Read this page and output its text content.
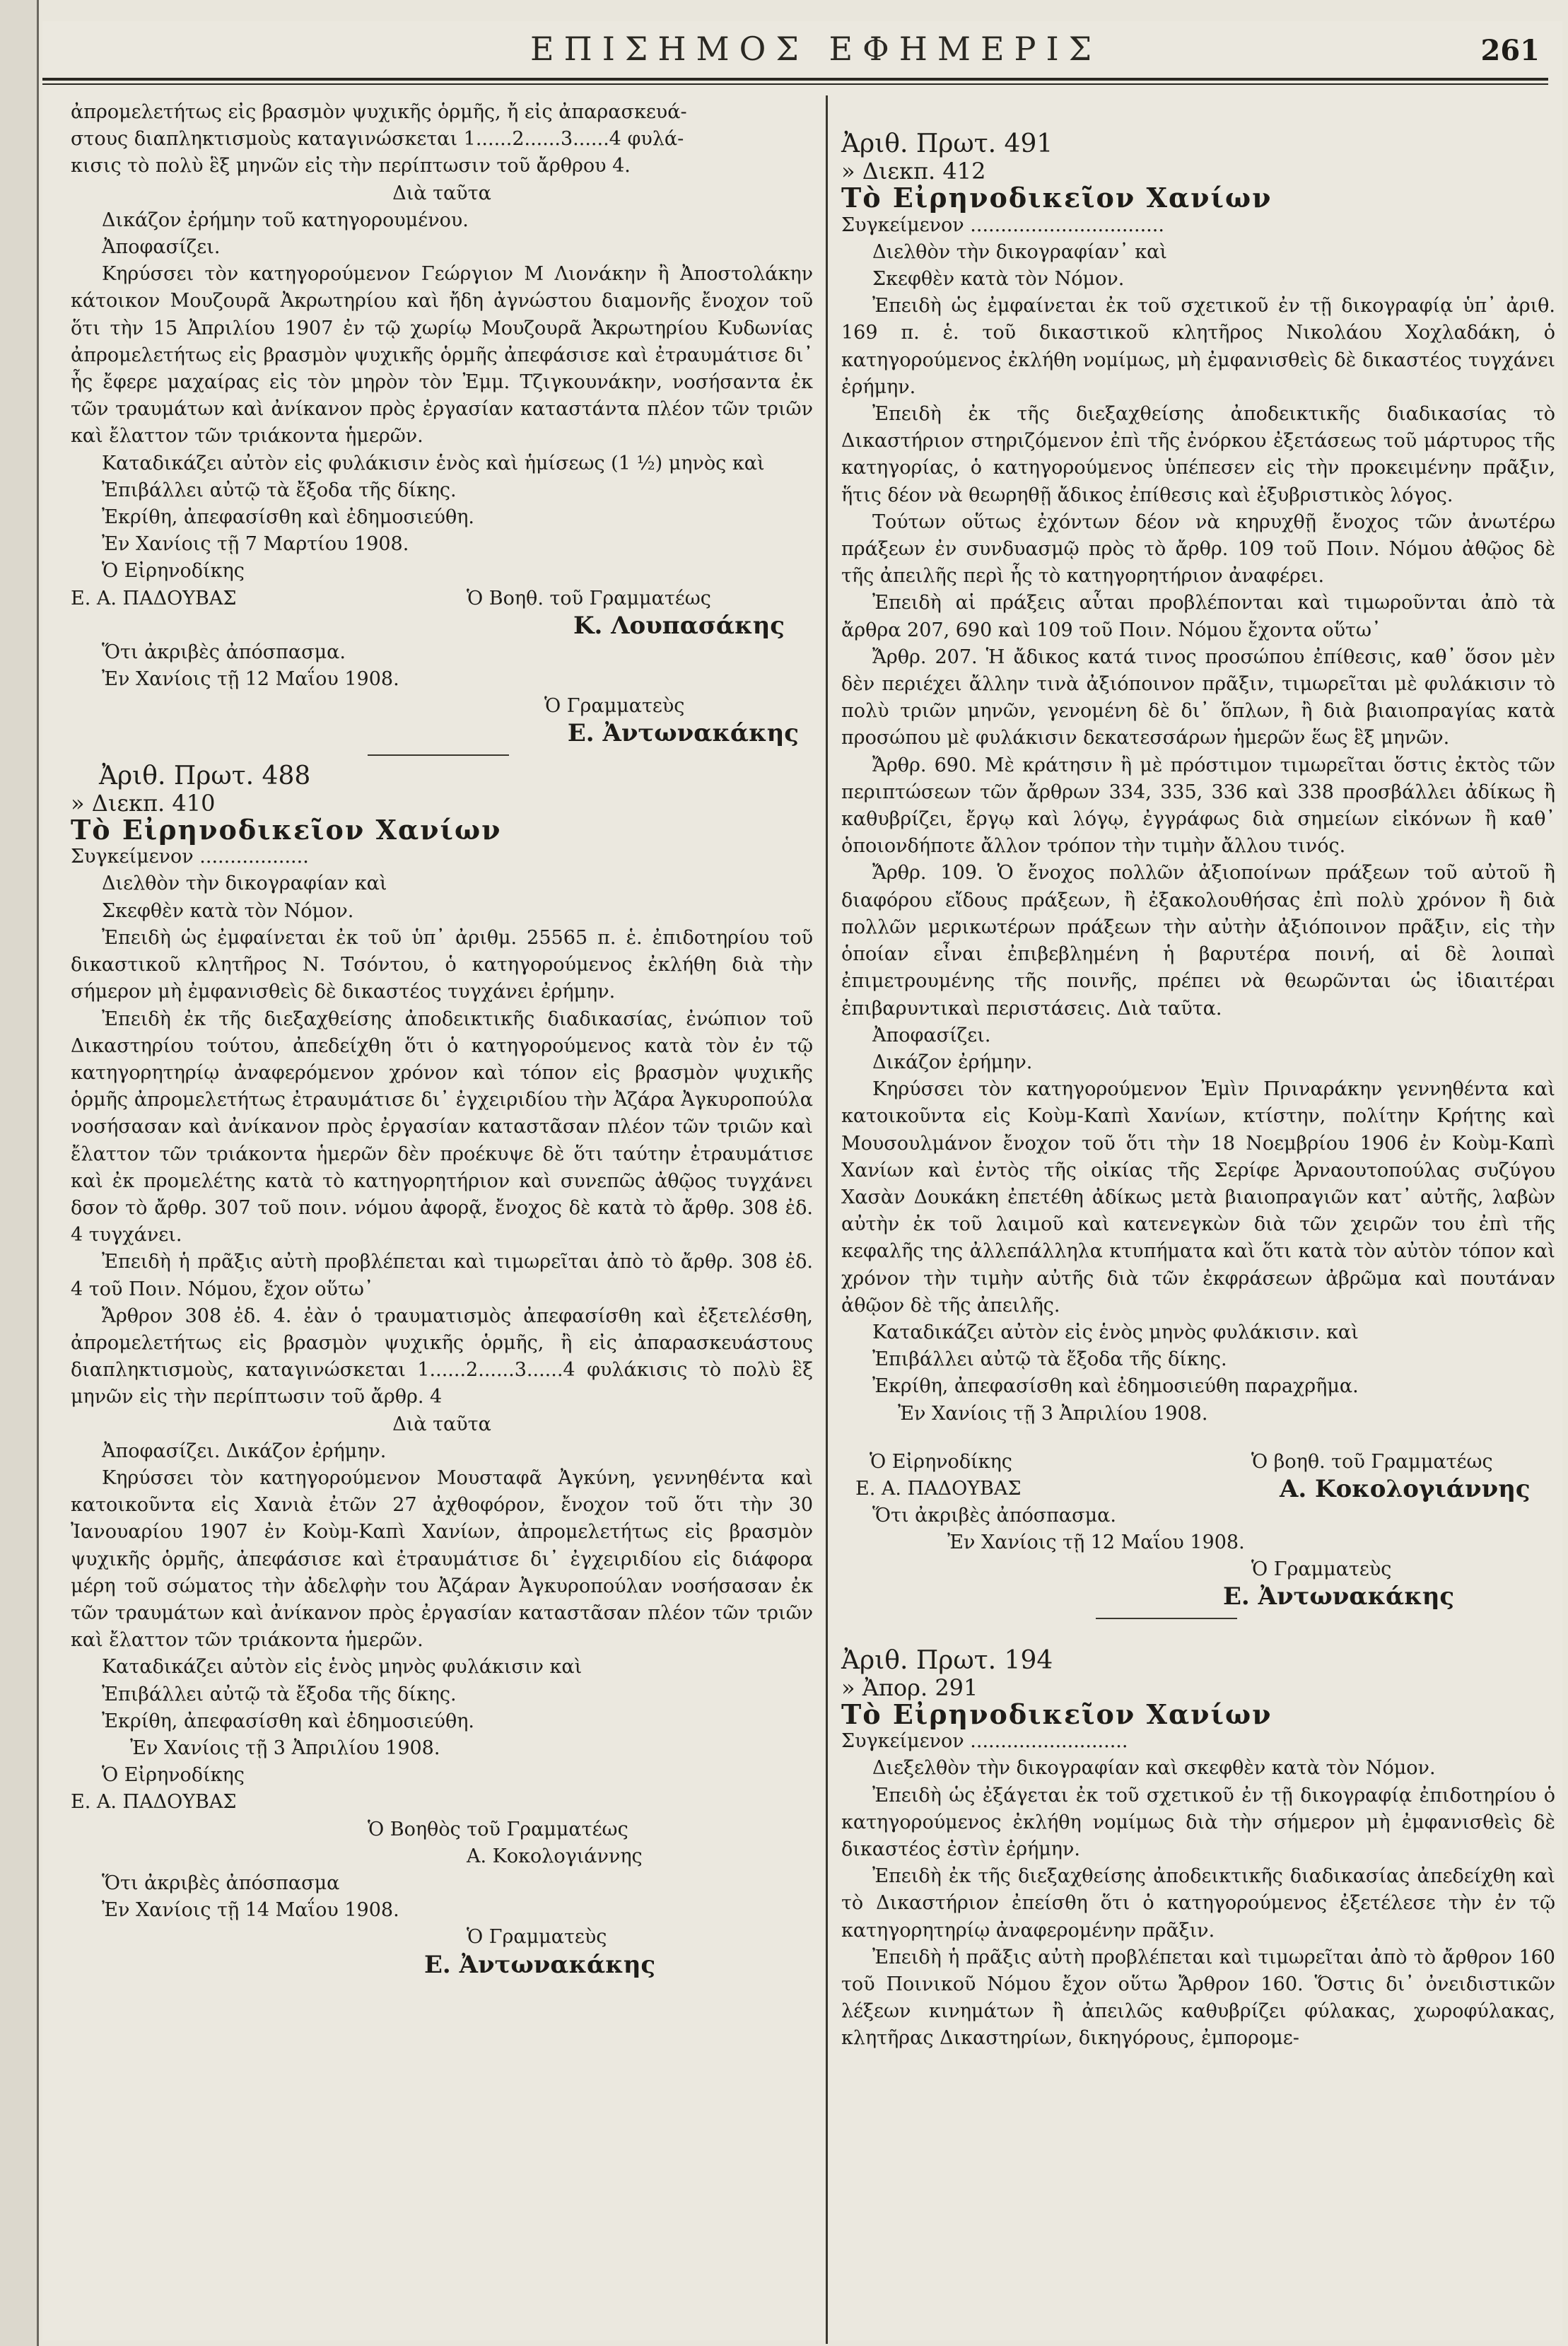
ΕΠΙΣΗΜΟΣ ΕΦΗΜΕΡΙΣ	261

ἀπρομελετήτως εἰς βρασμὸν ψυχικῆς ὁρμῆς, ἤ εἰς ἀπαρασκευά-

στους διαπληκτισμοὺς καταγινώσκεται 1......2......3......4 φυλά-

κισις τὸ πολὺ ἓξ μηνῶν εἰς τὴν περίπτωσιν τοῦ ἄρθρου 4.

Διὰ ταῦτα

Δικάζον ἐρήμην τοῦ κατηγορουμένου.

Ἀποφασίζει.

Κηρύσσει τὸν κατηγορούμενον Γεώργιον Μ Λιονάκην ἢ Ἀποστολάκην κάτοικον Μουζουρᾶ Ἀκρωτηρίου καὶ ἤδη ἀγνώστου διαμονῆς ἔνοχον τοῦ ὅτι τὴν 15 Ἀπριλίου 1907 ἐν τῷ χωρίῳ Μουζουρᾶ Ἀκρωτηρίου Κυδωνίας ἀπρομελετήτως εἰς βρασμὸν ψυχικῆς ὁρμῆς ἀπεφάσισε καὶ ἐτραυμάτισε δι᾽ ἧς ἔφερε μαχαίρας εἰς τὸν μηρὸν τὸν Ἐμμ. Τζιγκουνάκην, νοσήσαντα ἐκ τῶν τραυμάτων καὶ ἀνίκανον πρὸς ἐργασίαν καταστάντα πλέον τῶν τριῶν καὶ ἔλαττον τῶν τριάκοντα ἡμερῶν.

Καταδικάζει αὐτὸν εἰς φυλάκισιν ἑνὸς καὶ ἡμίσεως (1 ½) μηνὸς καὶ

Ἐπιβάλλει αὐτῷ τὰ ἔξοδα τῆς δίκης.

Ἐκρίθη, ἀπεφασίσθη καὶ ἐδημοσιεύθη.

Ἐν Χανίοις τῇ 7 Μαρτίου 1908.

Ὁ Εἰρηνοδίκης

Ε. Α. ΠΑΔΟΥΒΑΣ	Ὁ Βοηθ. τοῦ Γραμματέως

Κ. Λουπασάκης

Ὅτι ἀκριβὲς ἀπόσπασμα.

Ἐν Χανίοις τῇ 12 Μαΐου 1908.

Ὁ Γραμματεὺς

Ε. Ἀντωνακάκης

Ἀριθ. Πρωτ. 488

» Διεκπ. 410

Τὸ Εἰρηνοδικεῖον Χανίων

Συγκείμενον ..................

Διελθὸν τὴν δικογραφίαν καὶ

Σκεφθὲν κατὰ τὸν Νόμον.

Ἐπειδὴ ὡς ἐμφαίνεται ἐκ τοῦ ὑπ᾽ ἀριθμ. 25565 π. ἑ. ἐπιδοτηρίου τοῦ δικαστικοῦ κλητῆρος Ν. Τσόντου, ὁ κατηγορούμενος ἐκλήθη διὰ τὴν σήμερον μὴ ἐμφανισθεὶς δὲ δικαστέος τυγχάνει ἐρήμην.

Ἐπειδὴ ἐκ τῆς διεξαχθείσης ἀποδεικτικῆς διαδικασίας, ἐνώπιον τοῦ Δικαστηρίου τούτου, ἀπεδείχθη ὅτι ὁ κατηγορούμενος κατὰ τὸν ἐν τῷ κατηγορητηρίῳ ἀναφερόμενον χρόνον καὶ τόπον εἰς βρασμὸν ψυχικῆς ὁρμῆς ἀπρομελετήτως ἐτραυμάτισε δι᾽ ἐγχειριδίου τὴν Ἀζάρα Ἀγκυροπούλα νοσήσασαν καὶ ἀνίκανον πρὸς ἐργασίαν καταστᾶσαν πλέον τῶν τριῶν καὶ ἔλαττον τῶν τριάκοντα ἡμερῶν δὲν προέκυψε δὲ ὅτι ταύτην ἐτραυμάτισε καὶ ἐκ προμελέτης κατὰ τὸ κατηγορητήριον καὶ συνεπῶς ἀθῷος τυγχάνει δσον τὸ ἄρθρ. 307 τοῦ ποιν. νόμου ἀφορᾷ, ἔνοχος δὲ κατὰ τὸ ἄρθρ. 308 ἐδ. 4 τυγχάνει.

Ἐπειδὴ ἡ πρᾶξις αὐτὴ προβλέπεται καὶ τιμωρεῖται ἀπὸ τὸ ἄρθρ. 308 ἐδ. 4 τοῦ Ποιν. Νόμου, ἔχον οὕτω᾽

Ἄρθρον 308 ἐδ. 4. ἐὰν ὁ τραυματισμὸς ἀπεφασίσθη καὶ ἐξετελέσθη, ἀπρομελετήτως εἰς βρασμὸν ψυχικῆς ὁρμῆς, ἢ εἰς ἀπαρασκευάστους διαπληκτισμοὺς, καταγινώσκεται 1......2......3......4 φυλάκισις τὸ πολὺ ἓξ μηνῶν εἰς τὴν περίπτωσιν τοῦ ἄρθρ. 4

Διὰ ταῦτα

Ἀποφασίζει. Δικάζον ἐρήμην.

Κηρύσσει τὸν κατηγορούμενον Μουσταφᾶ Ἀγκύνη, γεννηθέντα καὶ κατοικοῦντα εἰς Χανιὰ ἐτῶν 27 ἀχθοφόρον, ἔνοχον τοῦ ὅτι τὴν 30 Ἰανουαρίου 1907 ἐν Κοὺμ-Καπὶ Χανίων, ἀπρομελετήτως εἰς βρασμὸν ψυχικῆς ὁρμῆς, ἀπεφάσισε καὶ ἐτραυμάτισε δι᾽ ἐγχειριδίου εἰς διάφορα μέρη τοῦ σώματος τὴν ἀδελφὴν του Ἀζάραν Ἀγκυροπούλαν νοσήσασαν ἐκ τῶν τραυμάτων καὶ ἀνίκανον πρὸς ἐργασίαν καταστᾶσαν πλέον τῶν τριῶν καὶ ἔλαττον τῶν τριάκοντα ἡμερῶν.

Καταδικάζει αὐτὸν εἰς ἑνὸς μηνὸς φυλάκισιν καὶ

Ἐπιβάλλει αὐτῷ τὰ ἔξοδα τῆς δίκης.

Ἐκρίθη, ἀπεφασίσθη καὶ ἐδημοσιεύθη.

Ἐν Χανίοις τῇ 3 Ἀπριλίου 1908.

Ὁ Εἰρηνοδίκης

Ε. Α. ΠΑΔΟΥΒΑΣ

Ὁ Βοηθὸς τοῦ Γραμματέως

Α. Κοκολογιάννης

Ὅτι ἀκριβὲς ἀπόσπασμα

Ἐν Χανίοις τῇ 14 Μαΐου 1908.

Ὁ Γραμματεὺς

Ε. Ἀντωνακάκης

Ἀριθ. Πρωτ. 491

» Διεκπ. 412

Τὸ Εἰρηνοδικεῖον Χανίων

Συγκείμενον ................................

Διελθὸν τὴν δικογραφίαν᾽ καὶ

Σκεφθὲν κατὰ τὸν Νόμον.

Ἐπειδὴ ὡς ἐμφαίνεται ἐκ τοῦ σχετικοῦ ἐν τῇ δικογραφίᾳ ὑπ᾽ ἀριθ. 169 π. ἑ. τοῦ δικαστικοῦ κλητῆρος Νικολάου Χοχλαδάκη, ὁ κατηγορούμενος ἐκλήθη νομίμως, μὴ ἐμφανισθεὶς δὲ δικαστέος τυγχάνει ἐρήμην.

Ἐπειδὴ ἐκ τῆς διεξαχθείσης ἀποδεικτικῆς διαδικασίας τὸ Δικαστήριον στηριζόμενον ἐπὶ τῆς ἐνόρκου ἐξετάσεως τοῦ μάρτυρος τῆς κατηγορίας, ὁ κατηγορούμενος ὑπέπεσεν εἰς τὴν προκειμένην πρᾶξιν, ἥτις δέον νὰ θεωρηθῇ ἄδικος ἐπίθεσις καὶ ἐξυβριστικὸς λόγος.

Τούτων οὕτως ἐχόντων δέον νὰ κηρυχθῇ ἔνοχος τῶν ἀνωτέρω πράξεων ἐν συνδυασμῷ πρὸς τὸ ἄρθρ. 109 τοῦ Ποιν. Νόμου ἀθῷος δὲ τῆς ἀπειλῆς περὶ ἧς τὸ κατηγορητήριον ἀναφέρει.

Ἐπειδὴ αἱ πράξεις αὗται προβλέπονται καὶ τιμωροῦνται ἀπὸ τὰ ἄρθρα 207, 690 καὶ 109 τοῦ Ποιν. Νόμου ἔχοντα οὕτω᾽

Ἄρθρ. 207. Ἡ ἄδικος κατά τινος προσώπου ἐπίθεσις, καθ᾽ ὅσον μὲν δὲν περιέχει ἄλλην τινὰ ἀξιόποινον πρᾶξιν, τιμωρεῖται μὲ φυλάκισιν τὸ πολὺ τριῶν μηνῶν, γενομένη δὲ δι᾽ ὅπλων, ἢ διὰ βιαιοπραγίας κατὰ προσώπου μὲ φυλάκισιν δεκατεσσάρων ἡμερῶν ἕως ἓξ μηνῶν.

Ἄρθρ. 690. Μὲ κράτησιν ἢ μὲ πρόστιμον τιμωρεῖται ὅστις ἐκτὸς τῶν περιπτώσεων τῶν ἄρθρων 334, 335, 336 καὶ 338 προσβάλλει ἀδίκως ἢ καθυβρίζει, ἔργῳ καὶ λόγῳ, ἐγγράφως διὰ σημείων εἰκόνων ἢ καθ᾽ ὁποιονδήποτε ἄλλον τρόπον τὴν τιμὴν ἄλλου τινός.

Ἄρθρ. 109. Ὁ ἔνοχος πολλῶν ἀξιοποίνων πράξεων τοῦ αὐτοῦ ἢ διαφόρου εἴδους πράξεων, ἢ ἐξακολουθήσας ἐπὶ πολὺ χρόνον ἢ διὰ πολλῶν μερικωτέρων πράξεων τὴν αὐτὴν ἀξιόποινον πρᾶξιν, εἰς τὴν ὁποίαν εἶναι ἐπιβεβλημένη ἡ βαρυτέρα ποινή, αἱ δὲ λοιπαὶ ἐπιμετρουμένης τῆς ποινῆς, πρέπει νὰ θεωρῶνται ὡς ἰδιαιτέραι ἐπιβαρυντικαὶ περιστάσεις. Διὰ ταῦτα.

Ἀποφασίζει.

Δικάζον ἐρήμην.

Κηρύσσει τὸν κατηγορούμενον Ἐμὶν Πριναράκην γεννηθέντα καὶ κατοικοῦντα εἰς Κοὺμ-Καπὶ Χανίων, κτίστην, πολίτην Κρήτης καὶ Μουσουλμάνον ἔνοχον τοῦ ὅτι τὴν 18 Νοεμβρίου 1906 ἐν Κοὺμ-Καπὶ Χανίων καὶ ἐντὸς τῆς οἰκίας τῆς Σερίφε Ἀρναουτοπούλας συζύγου Χασὰν Δουκάκη ἐπετέθη ἀδίκως μετὰ βιαιοπραγιῶν κατ᾽ αὐτῆς, λαβὼν αὐτὴν ἐκ τοῦ λαιμοῦ καὶ κατενεγκὼν διὰ τῶν χειρῶν του ἐπὶ τῆς κεφαλῆς της ἀλλεπάλληλα κτυπήματα καὶ ὅτι κατὰ τὸν αὐτὸν τόπον καὶ χρόνον τὴν τιμὴν αὐτῆς διὰ τῶν ἐκφράσεων ἀβρῶμα καὶ πουτάναν ἀθῷον δὲ τῆς ἀπειλῆς.

Καταδικάζει αὐτὸν εἰς ἑνὸς μηνὸς φυλάκισιν. καὶ

Ἐπιβάλλει αὐτῷ τὰ ἔξοδα τῆς δίκης.

Ἐκρίθη, ἀπεφασίσθη καὶ ἐδημοσιεύθη παρaχρῆμα.

Ἐν Χανίοις τῇ 3 Ἀπριλίου 1908.

Ὁ Εἰρηνοδίκης	Ὁ βοηθ. τοῦ Γραμματέως
Ε. Α. ΠΑΔΟΥΒΑΣ	Α. Κοκολογιάννης

Ὅτι ἀκριβὲς ἀπόσπασμα.

Ἐν Χανίοις τῇ 12 Μαΐου 1908.

Ὁ Γραμματεὺς

Ε. Ἀντωνακάκης

Ἀριθ. Πρωτ. 194

» Ἀπορ. 291

Τὸ Εἰρηνοδικεῖον Χανίων

Συγκείμενον ..........................

Διεξελθὸν τὴν δικογραφίαν καὶ σκεφθὲν κατὰ τὸν Νόμον.

Ἐπειδὴ ὡς ἐξάγεται ἐκ τοῦ σχετικοῦ ἐν τῇ δικογραφίᾳ ἐπιδοτηρίου ὁ κατηγορούμενος ἐκλήθη νομίμως διὰ τὴν σήμερον μὴ ἐμφανισθεὶς δὲ δικαστέος ἐστὶν ἐρήμην.

Ἐπειδὴ ἐκ τῆς διεξαχθείσης ἀποδεικτικῆς διαδικασίας ἀπεδείχθη καὶ τὸ Δικαστήριον ἐπείσθη ὅτι ὁ κατηγορούμενος ἐξετέλεσε τὴν ἐν τῷ κατηγορητηρίῳ ἀναφερομένην πρᾶξιν.

Ἐπειδὴ ἡ πρᾶξις αὐτὴ προβλέπεται καὶ τιμωρεῖται ἀπὸ τὸ ἄρθρον 160 τοῦ Ποινικοῦ Νόμου ἔχον οὕτω Ἄρθρον 160. Ὅστις δι᾽ ὀνειδιστικῶν λέξεων κινημάτων ἢ ἀπειλῶς καθυβρίζει φύλακας, χωροφύλακας, κλητῆρας Δικαστηρίων, δικηγόρους, ἐμπορομε-
